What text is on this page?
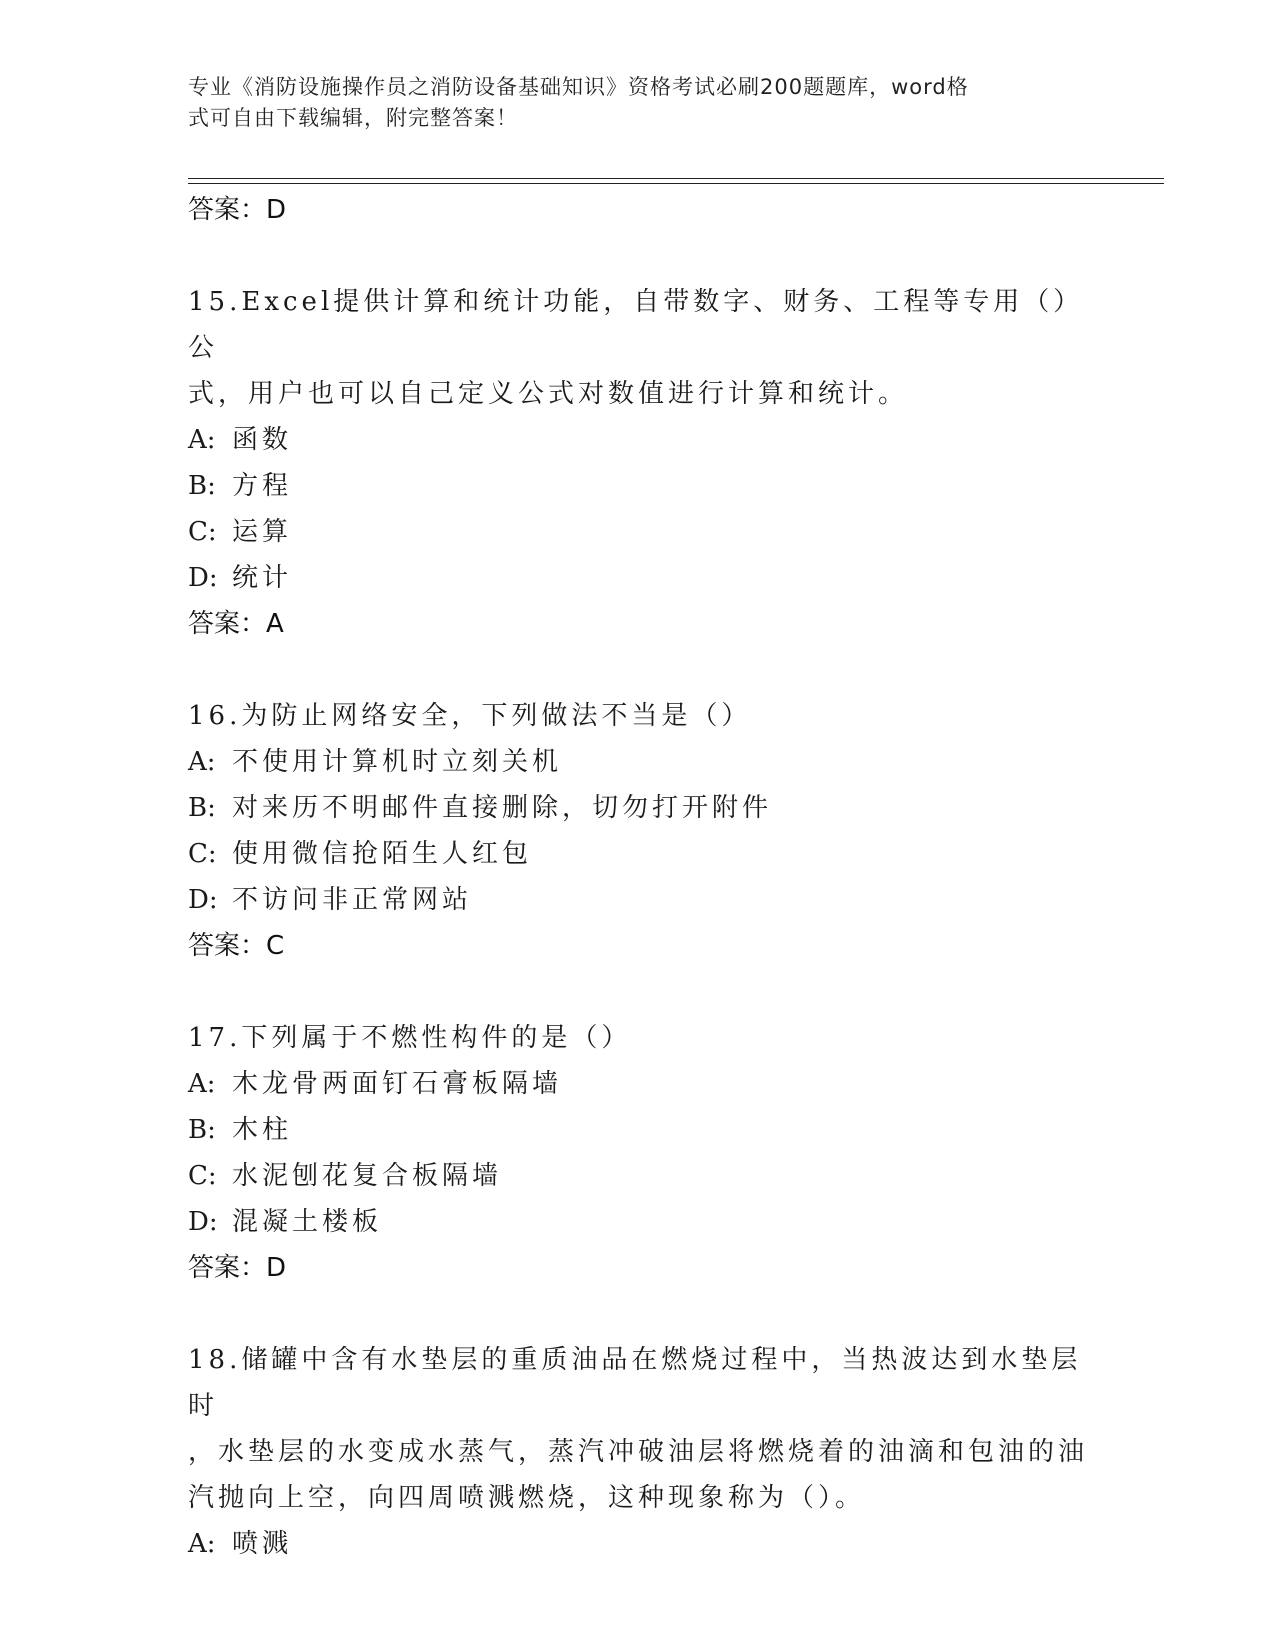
专业《消防设施操作员之消防设备基础知识》资格考试必刷200题题库，word格
式可自由下载编辑，附完整答案！
答案：D
15.Excel提供计算和统计功能，自带数字、财务、工程等专用（）公
式，用户也可以自己定义公式对数值进行计算和统计。
A: 函数
B: 方程
C: 运算
D: 统计
答案：A
16.为防止网络安全，下列做法不当是（）
A: 不使用计算机时立刻关机
B: 对来历不明邮件直接删除，切勿打开附件
C: 使用微信抢陌生人红包
D: 不访问非正常网站
答案：C
17.下列属于不燃性构件的是（）
A: 木龙骨两面钉石膏板隔墙
B: 木柱
C: 水泥刨花复合板隔墙
D: 混凝土楼板
答案：D
18.储罐中含有水垫层的重质油品在燃烧过程中，当热波达到水垫层时
，水垫层的水变成水蒸气，蒸汽冲破油层将燃烧着的油滴和包油的油
汽抛向上空，向四周喷溅燃烧，这种现象称为（）。
A: 喷溅
